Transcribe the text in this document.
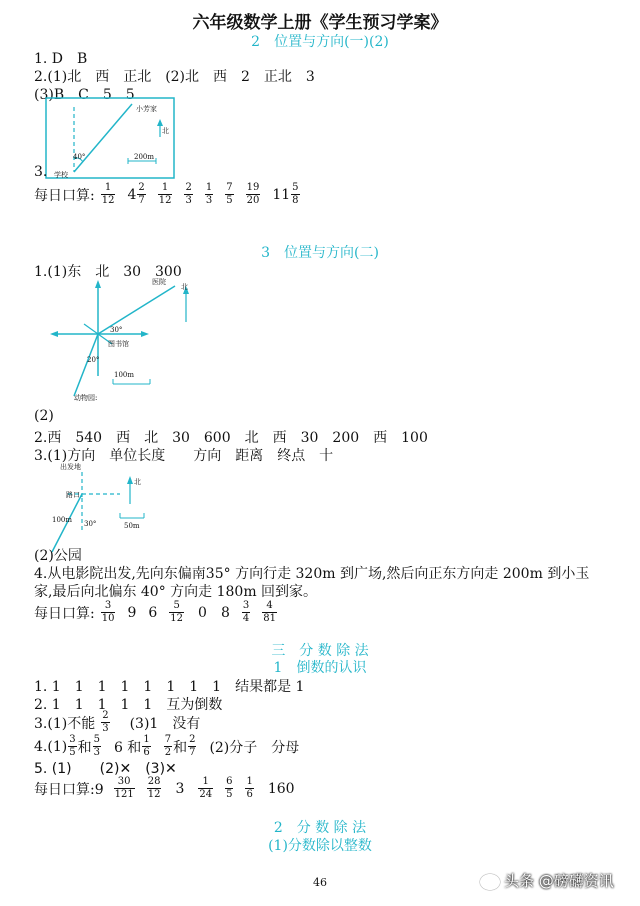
六年级数学上册《学生预习学案》
2　位置与方向(一)(2)
1. D　B
2.(1)北　西　正北　(2)北　西　2　正北　3
(3)B　C　5　5
小芳家
学校
北
40°	200m
3.
每日口算: $\frac{1}{12} 4 \frac{2}{7} \frac{1}{12} \frac{2}{3} \frac{1}{3} \frac{7}{5} \frac{19}{20} 11 \frac{5}{8}$
3　位置与方向(二)
1.(1)东　北　30　300
医院
北
30°
图书馆
20°
100m
动物园:
(2)
2.西　540　西　北　30　600　北　西　30　200　西　100
3.(1)方向　单位长度　　方向　距离　终点　十
出发地
北
路口
100m 30°	50m
(2)公园
4.从电影院出发,先向东偏南35° 方向行走 320m 到广场,然后向正东方向走 200m 到小玉
家,最后向北偏东 40° 方向走 180m 回到家。
每日口算: $\frac{3}{10} 9$ $6 \frac{5}{12} 0$ $8 \frac{3}{4} \frac{4}{81}$
三　分 数 除 法
1　倒数的认识
1. 1　1　1　1　1　1　1　1　结果都是 1
2. 1　1　1　1　1　互为倒数
3.(1)不能 $\frac{2}{3} (3)1$　没有
$4.(1) \frac{3}{5}$ 和 $\frac{5}{3} 6$ 和 $\frac{1}{6} \frac{7}{2}$ 和 $\frac{2}{7} (2)$分子　分母
5. (1)　　(2)✕　(3)✕
每日口算:9 $\frac{30}{121} \frac{28}{12} 3 \frac{1}{24} \frac{6}{5} \frac{1}{6} 160$
2　分 数 除 法
(1)分数除以整数
46	头条 @磅礴资讯
